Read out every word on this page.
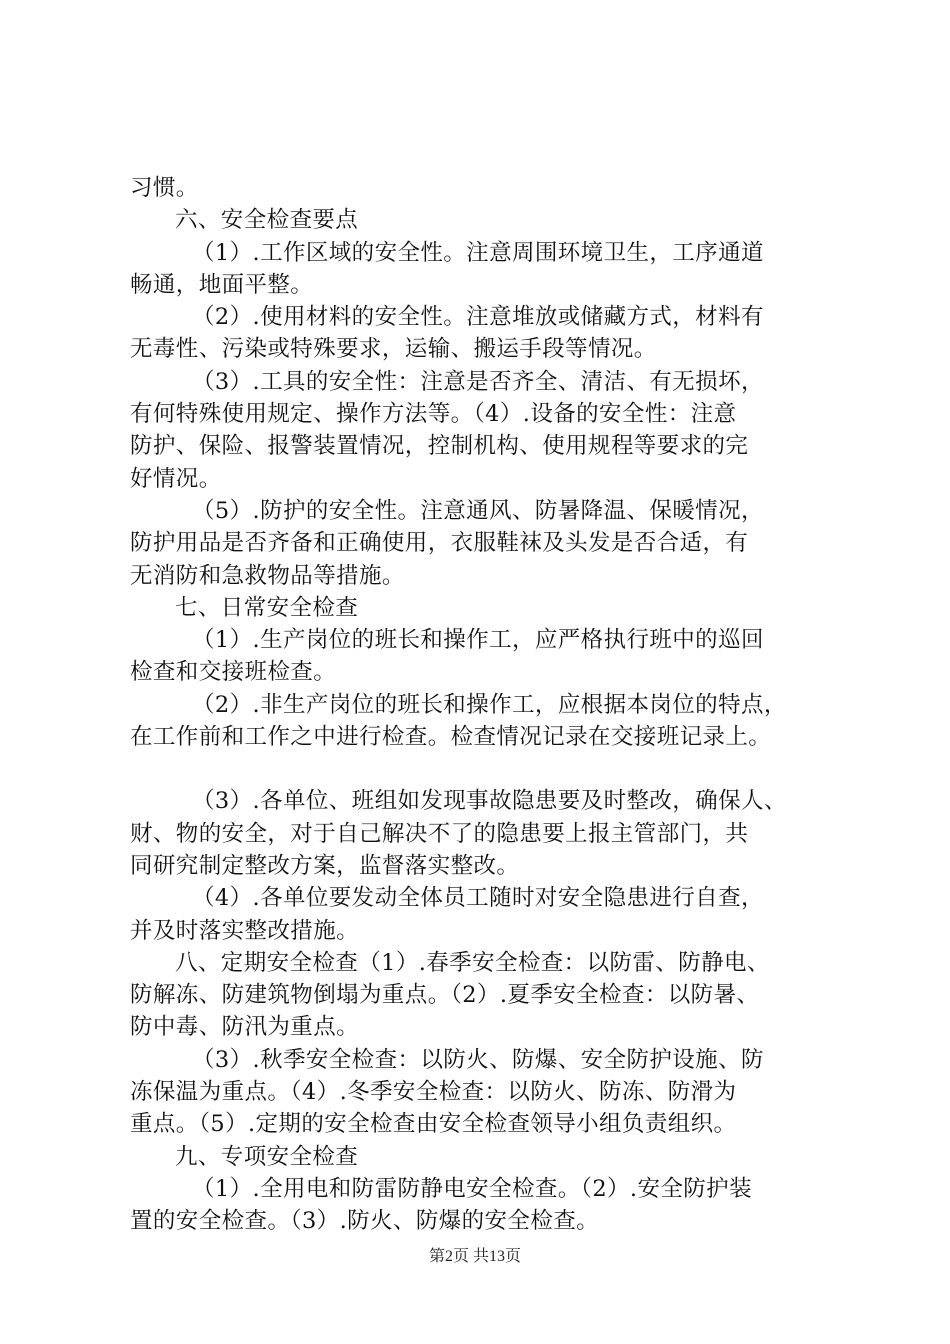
习惯。
六、安全检查要点
（1）.工作区域的安全性。注意周围环境卫生，工序通道
畅通，地面平整。
（2）.使用材料的安全性。注意堆放或储藏方式，材料有
无毒性、污染或特殊要求，运输、搬运手段等情况。
（3）.工具的安全性：注意是否齐全、清洁、有无损坏，
有何特殊使用规定、操作方法等。（4）.设备的安全性：注意
防护、保险、报警装置情况，控制机构、使用规程等要求的完
好情况。
（5）.防护的安全性。注意通风、防暑降温、保暖情况，
防护用品是否齐备和正确使用，衣服鞋袜及头发是否合适，有
无消防和急救物品等措施。
七、日常安全检查
（1）.生产岗位的班长和操作工，应严格执行班中的巡回
检查和交接班检查。
（2）.非生产岗位的班长和操作工，应根据本岗位的特点，
在工作前和工作之中进行检查。检查情况记录在交接班记录上。
（3）.各单位、班组如发现事故隐患要及时整改，确保人、
财、物的安全，对于自己解决不了的隐患要上报主管部门，共
同研究制定整改方案，监督落实整改。
（4）.各单位要发动全体员工随时对安全隐患进行自查，
并及时落实整改措施。
八、定期安全检查（1）.春季安全检查：以防雷、防静电、
防解冻、防建筑物倒塌为重点。（2）.夏季安全检查：以防暑、
防中毒、防汛为重点。
（3）.秋季安全检查：以防火、防爆、安全防护设施、防
冻保温为重点。（4）.冬季安全检查：以防火、防冻、防滑为
重点。（5）.定期的安全检查由安全检查领导小组负责组织。
九、专项安全检查
（1）.全用电和防雷防静电安全检查。（2）.安全防护装
置的安全检查。（3）.防火、防爆的安全检查。
第2页 共13页
